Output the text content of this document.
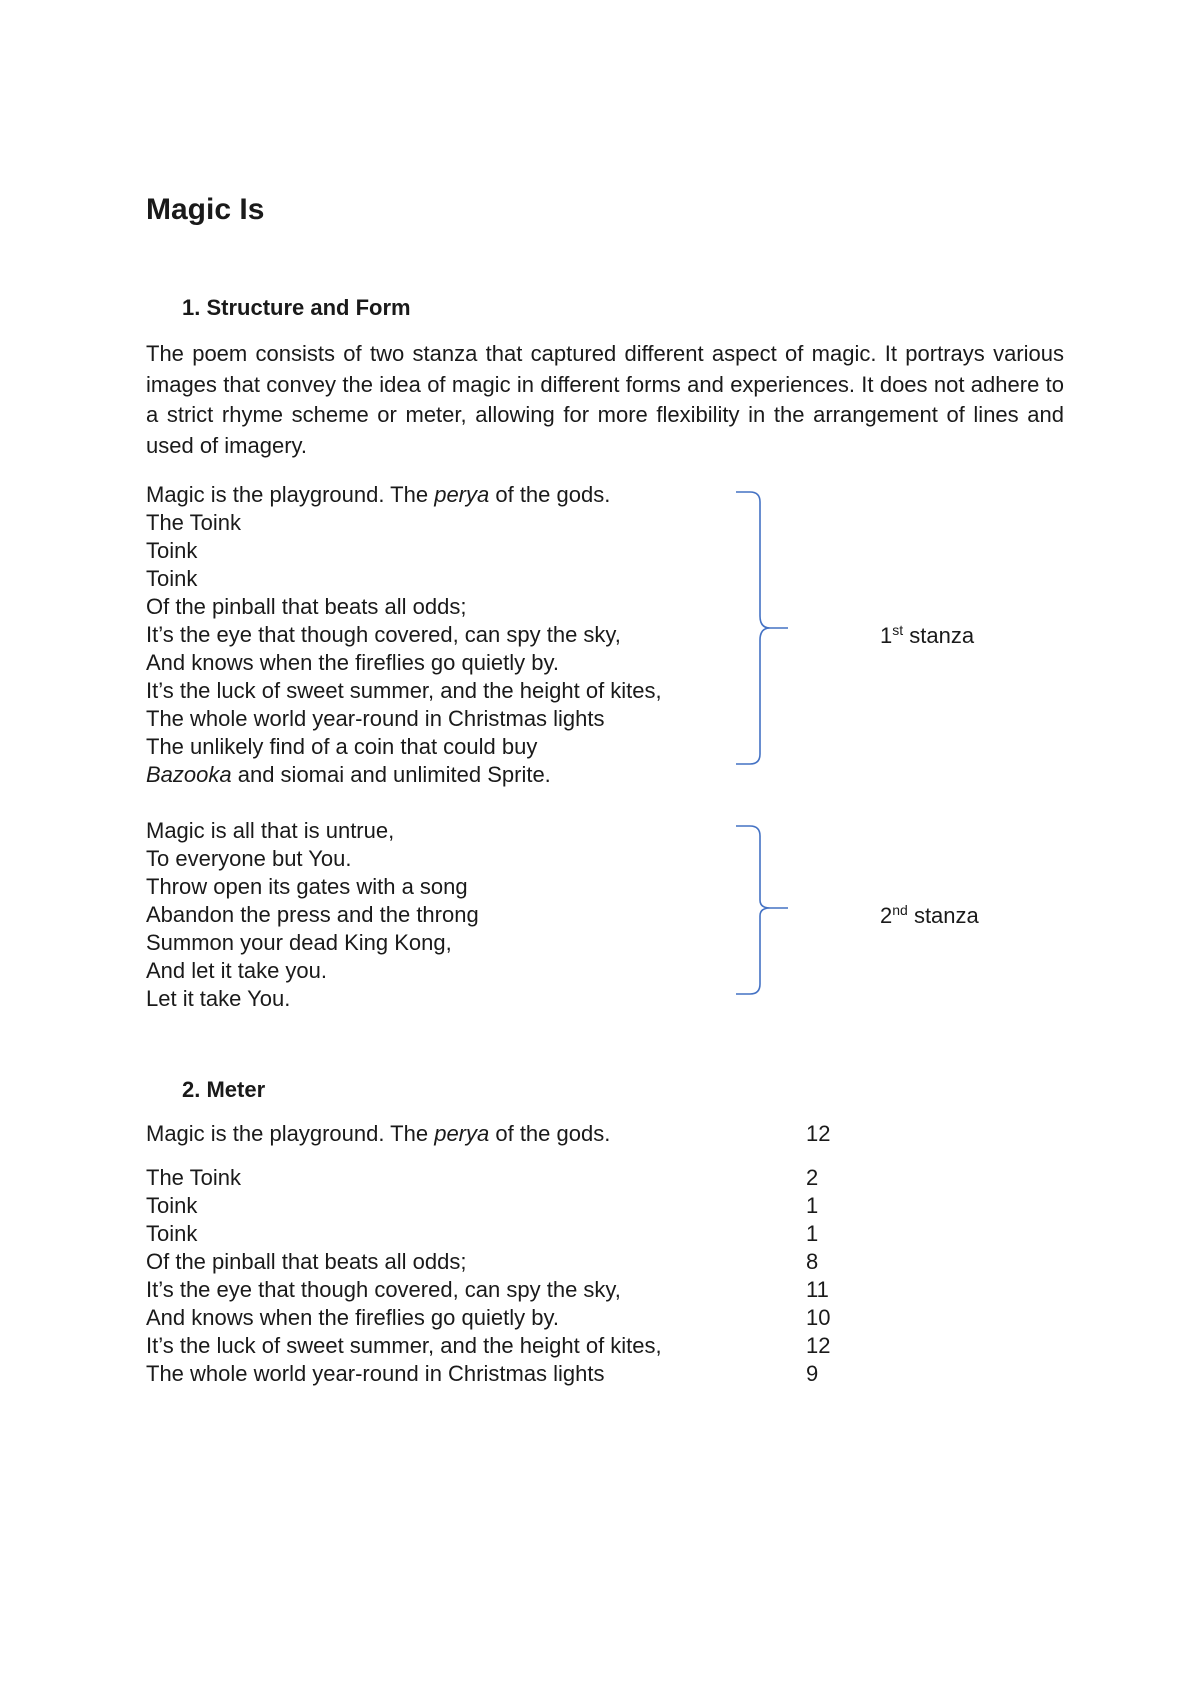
Magic Is
1. Structure and Form

The poem consists of two stanza that captured different aspect of magic. It portrays various images that convey the idea of magic in different forms and experiences. It does not adhere to a strict rhyme scheme or meter, allowing for more flexibility in the arrangement of lines and used of imagery.

Magic is the playground. The perya of the gods.
The Toink
Toink
Toink
Of the pinball that beats all odds;
It’s the eye that though covered, can spy the sky,
And knows when the fireflies go quietly by.
It’s the luck of sweet summer, and the height of kites,
The whole world year-round in Christmas lights
The unlikely find of a coin that could buy
Bazooka and siomai and unlimited Sprite.
1st stanza
Magic is all that is untrue,
To everyone but You.
Throw open its gates with a song
Abandon the press and the throng
Summon your dead King Kong,
And let it take you.
Let it take You.
2nd stanza
2. Meter
Magic is the playground. The perya of the gods.	12
The Toink	2
Toink	1
Toink	1
Of the pinball that beats all odds;	8
It’s the eye that though covered, can spy the sky,	11
And knows when the fireflies go quietly by.	10
It’s the luck of sweet summer, and the height of kites,	12
The whole world year-round in Christmas lights	9
